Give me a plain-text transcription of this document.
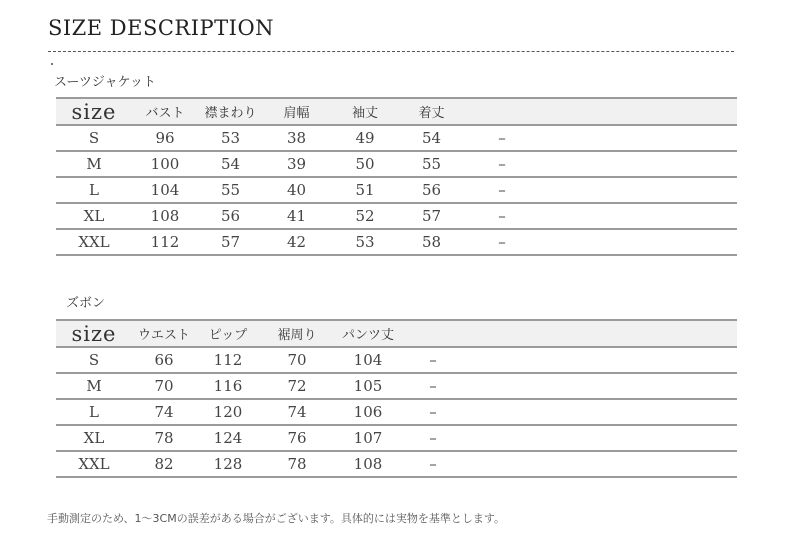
SIZE DESCRIPTION
スーツジャケット
size	バスト	襟まわり	肩幅	袖丈	着丈		
S	96	53	38	49	54	–	
M	100	54	39	50	55	–	
L	104	55	40	51	56	–	
XL	108	56	41	52	57	–	
XXL	112	57	42	53	58	–	
ズボン
size	ウエスト	ピップ	裾周り	パンツ丈		
S	66	112	70	104	–	
M	70	116	72	105	–	
L	74	120	74	106	–	
XL	78	124	76	107	–	
XXL	82	128	78	108	–	
手動測定のため、1～3CMの誤差がある場合がございます。具体的には実物を基準とします。
